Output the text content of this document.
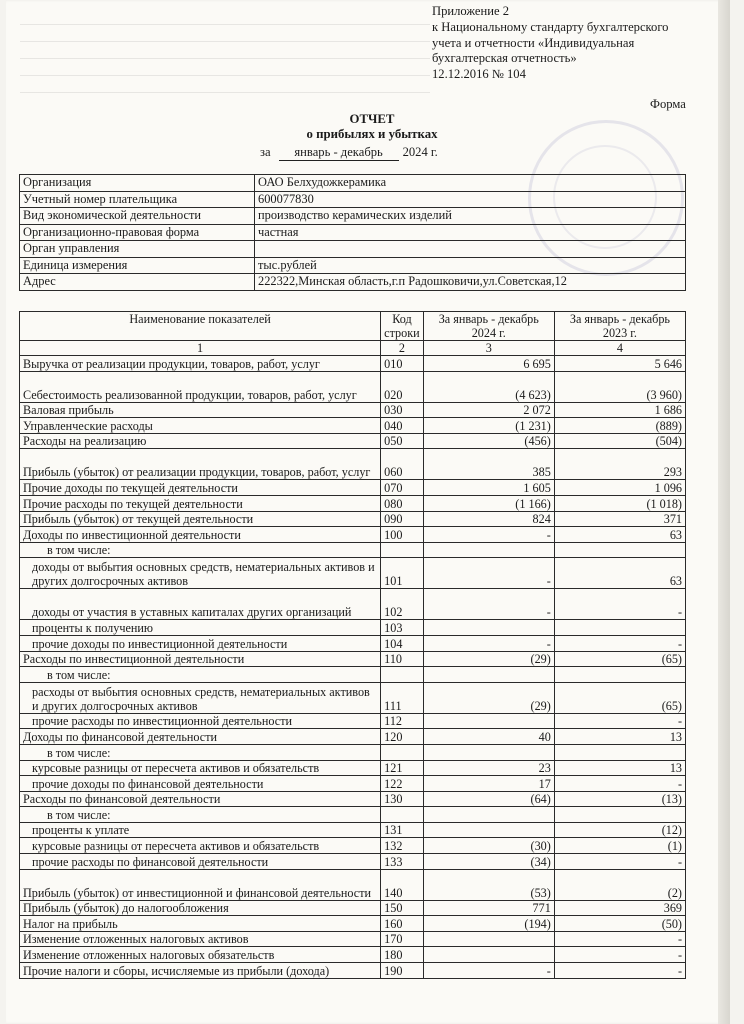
Приложение 2
к Национальному стандарту бухгалтерского
учета и отчетности «Индивидуальная
бухгалтерская отчетность»
12.12.2016 № 104
Форма
ОТЧЕТ
о прибылях и убытках
за январь - декабрь 2024 г.
Организация	ОАО Белхудожкерамика
Учетный номер плательщика	600077830
Вид экономической деятельности	производство керамических изделий
Организационно-правовая форма	частная
Орган управления	
Единица измерения	тыс.рублей
Адрес	222322,Минская область,г.п Радошковичи,ул.Советская,12
Наименование показателей	Код строки	За январь - декабрь 2024 г.	За январь - декабрь 2023 г.
1	2	3	4
Выручка от реализации продукции, товаров, работ, услуг	010	6 695	5 646
Себестоимость реализованной продукции, товаров, работ, услуг	020	(4 623)	(3 960)
Валовая прибыль	030	2 072	1 686
Управленческие расходы	040	(1 231)	(889)
Расходы на реализацию	050	(456)	(504)
Прибыль (убыток) от реализации продукции, товаров, работ, услуг	060	385	293
Прочие доходы по текущей деятельности	070	1 605	1 096
Прочие расходы по текущей деятельности	080	(1 166)	(1 018)
Прибыль (убыток) от текущей деятельности	090	824	371
Доходы по инвестиционной деятельности	100	-	63
в том числе:			
доходы от выбытия основных средств, нематериальных активов и других долгосрочных активов	101	-	63
доходы от участия в уставных капиталах других организаций	102	-	-
проценты к получению	103		
прочие доходы по инвестиционной деятельности	104	-	-
Расходы по инвестиционной деятельности	110	(29)	(65)
в том числе:			
расходы от выбытия основных средств, нематериальных активов и других долгосрочных активов	111	(29)	(65)
прочие расходы по инвестиционной деятельности	112		-
Доходы по финансовой деятельности	120	40	13
в том числе:			
курсовые разницы от пересчета активов и обязательств	121	23	13
прочие доходы по финансовой деятельности	122	17	-
Расходы по финансовой деятельности	130	(64)	(13)
в том числе:			
проценты к уплате	131		(12)
курсовые разницы от пересчета активов и обязательств	132	(30)	(1)
прочие расходы по финансовой деятельности	133	(34)	-
Прибыль (убыток) от инвестиционной и финансовой деятельности	140	(53)	(2)
Прибыль (убыток) до налогообложения	150	771	369
Налог на прибыль	160	(194)	(50)
Изменение отложенных налоговых активов	170		-
Изменение отложенных налоговых обязательств	180		-
Прочие налоги и сборы, исчисляемые из прибыли (дохода)	190	-	-
